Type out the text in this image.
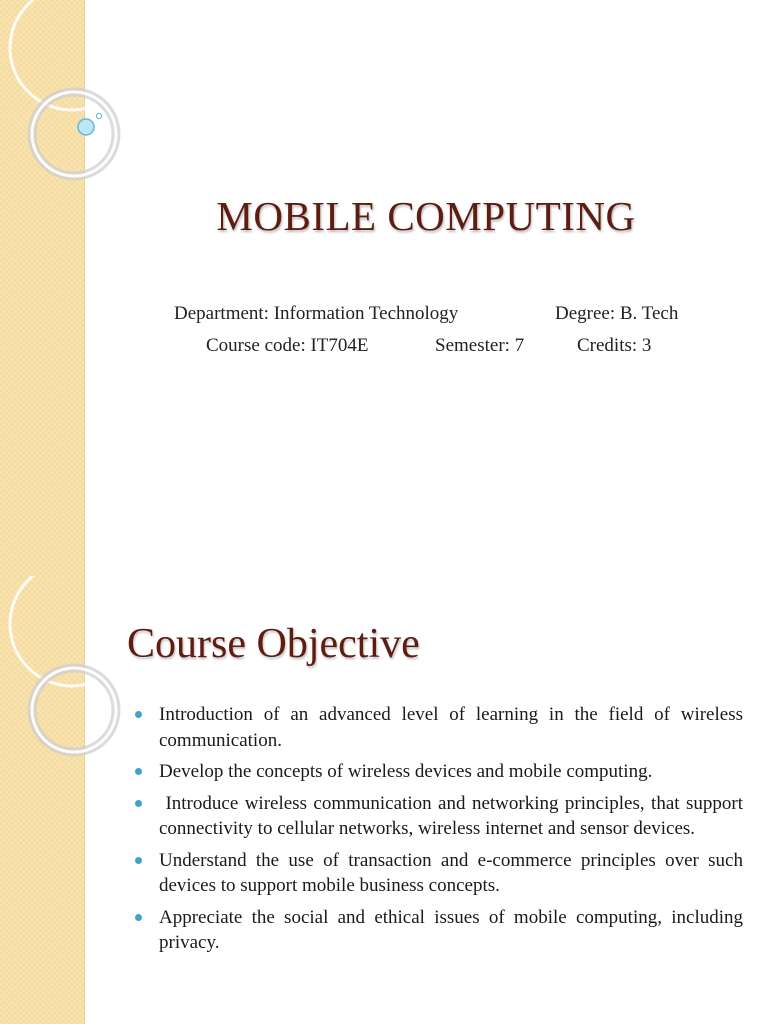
MOBILE COMPUTING
Department: Information Technology	Degree: B. Tech
Course code: IT704E	Semester: 7	Credits: 3
Course Objective
Introduction of an advanced level of learning in the field of wireless communication.
Develop the concepts of wireless devices and mobile computing.
Introduce wireless communication and networking principles, that support connectivity to cellular networks, wireless internet and sensor devices.
Understand the use of transaction and e-commerce principles over such devices to support mobile business concepts.
Appreciate the social and ethical issues of mobile computing, including privacy.
